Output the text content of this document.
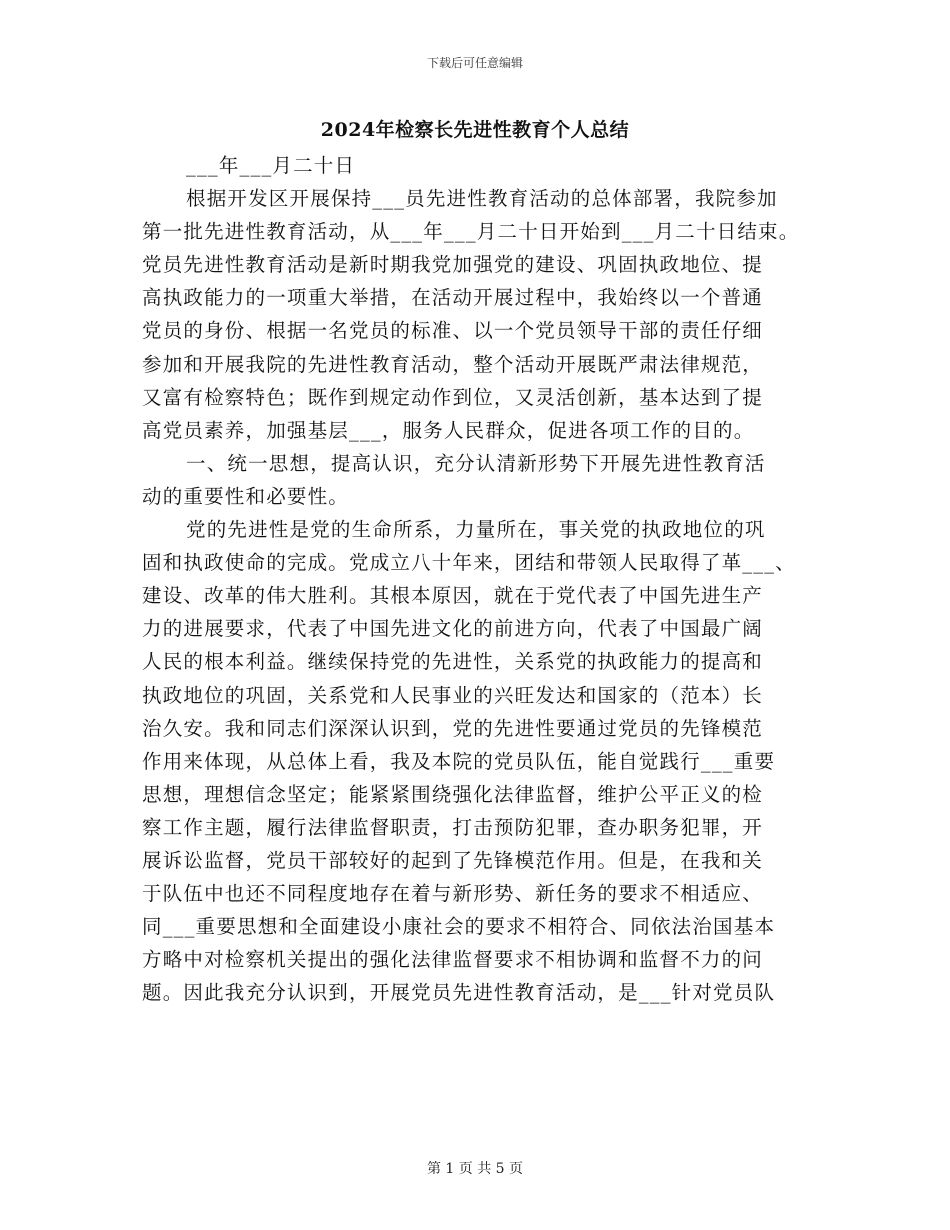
下载后可任意编辑
2024年检察长先进性教育个人总结
___年___月二十日
根据开发区开展保持___员先进性教育活动的总体部署，我院参加
第一批先进性教育活动，从___年___月二十日开始到___月二十日结束。
党员先进性教育活动是新时期我党加强党的建设、巩固执政地位、提
高执政能力的一项重大举措，在活动开展过程中，我始终以一个普通
党员的身份、根据一名党员的标准、以一个党员领导干部的责任仔细
参加和开展我院的先进性教育活动，整个活动开展既严肃法律规范，
又富有检察特色；既作到规定动作到位，又灵活创新，基本达到了提
高党员素养，加强基层___，服务人民群众，促进各项工作的目的。
一、统一思想，提高认识，充分认清新形势下开展先进性教育活
动的重要性和必要性。
党的先进性是党的生命所系，力量所在，事关党的执政地位的巩
固和执政使命的完成。党成立八十年来，团结和带领人民取得了革___、
建设、改革的伟大胜利。其根本原因，就在于党代表了中国先进生产
力的进展要求，代表了中国先进文化的前进方向，代表了中国最广阔
人民的根本利益。继续保持党的先进性，关系党的执政能力的提高和
执政地位的巩固，关系党和人民事业的兴旺发达和国家的（范本）长
治久安。我和同志们深深认识到，党的先进性要通过党员的先锋模范
作用来体现，从总体上看，我及本院的党员队伍，能自觉践行___重要
思想，理想信念坚定；能紧紧围绕强化法律监督，维护公平正义的检
察工作主题，履行法律监督职责，打击预防犯罪，查办职务犯罪，开
展诉讼监督，党员干部较好的起到了先锋模范作用。但是，在我和关
于队伍中也还不同程度地存在着与新形势、新任务的要求不相适应、
同___重要思想和全面建设小康社会的要求不相符合、同依法治国基本
方略中对检察机关提出的强化法律监督要求不相协调和监督不力的问
题。因此我充分认识到，开展党员先进性教育活动，是___针对党员队
第 1 页 共 5 页
